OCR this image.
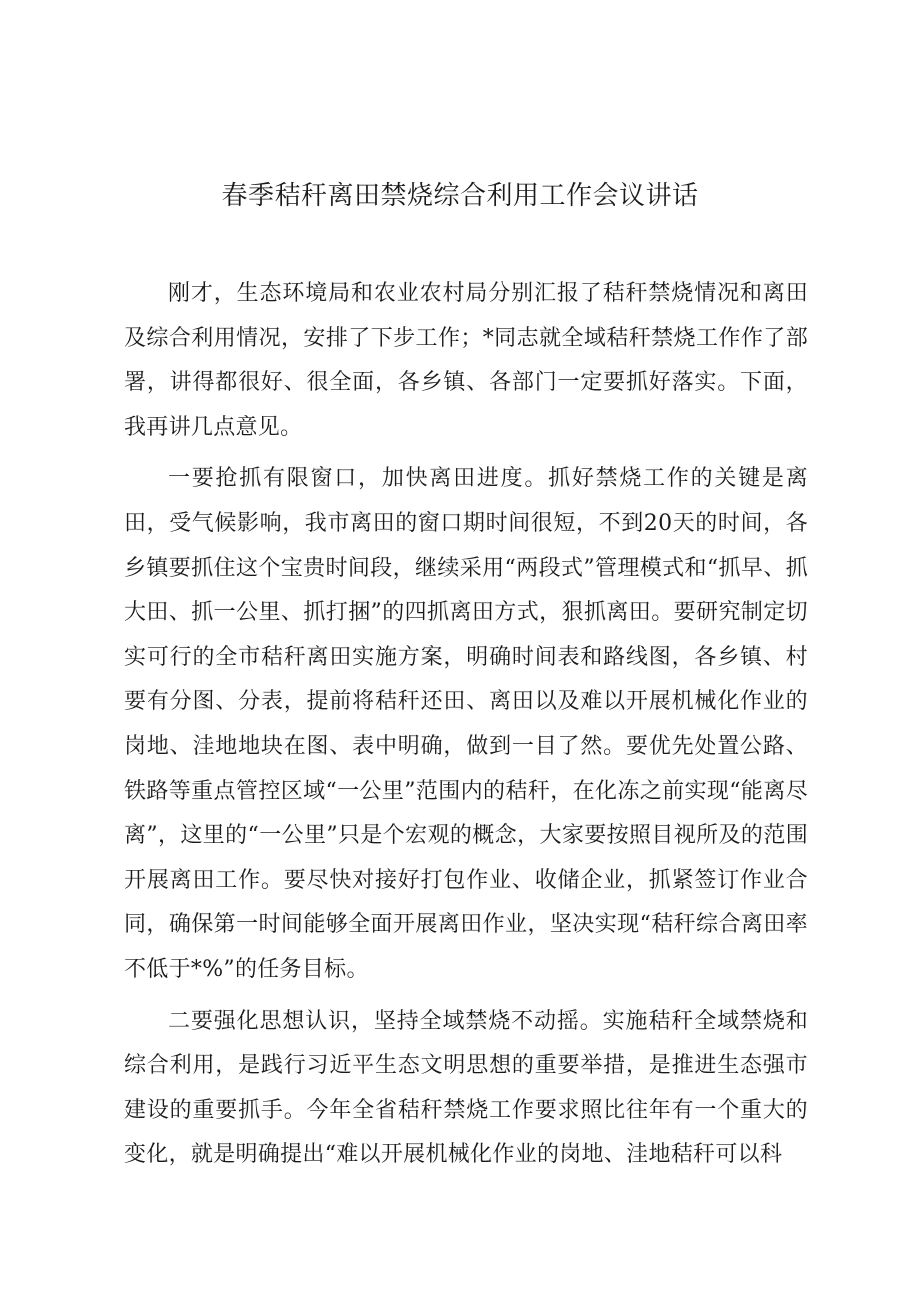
春季秸秆离田禁烧综合利用工作会议讲话

刚才，生态环境局和农业农村局分别汇报了秸秆禁烧情况和离田及综合利用情况，安排了下步工作；*同志就全域秸秆禁烧工作作了部署，讲得都很好、很全面，各乡镇、各部门一定要抓好落实。下面，我再讲几点意见。

一要抢抓有限窗口，加快离田进度。抓好禁烧工作的关键是离田，受气候影响，我市离田的窗口期时间很短，不到20天的时间，各乡镇要抓住这个宝贵时间段，继续采用“两段式”管理模式和“抓早、抓大田、抓一公里、抓打捆”的四抓离田方式，狠抓离田。要研究制定切实可行的全市秸秆离田实施方案，明确时间表和路线图，各乡镇、村要有分图、分表，提前将秸秆还田、离田以及难以开展机械化作业的岗地、洼地地块在图、表中明确，做到一目了然。要优先处置公路、铁路等重点管控区域“一公里”范围内的秸秆，在化冻之前实现“能离尽离”，这里的“一公里”只是个宏观的概念，大家要按照目视所及的范围开展离田工作。要尽快对接好打包作业、收储企业，抓紧签订作业合同，确保第一时间能够全面开展离田作业，坚决实现“秸秆综合离田率不低于*%”的任务目标。

二要强化思想认识，坚持全域禁烧不动摇。实施秸秆全域禁烧和综合利用，是践行习近平生态文明思想的重要举措，是推进生态强市建设的重要抓手。今年全省秸秆禁烧工作要求照比往年有一个重大的变化，就是明确提出“难以开展机械化作业的岗地、洼地秸秆可以科
